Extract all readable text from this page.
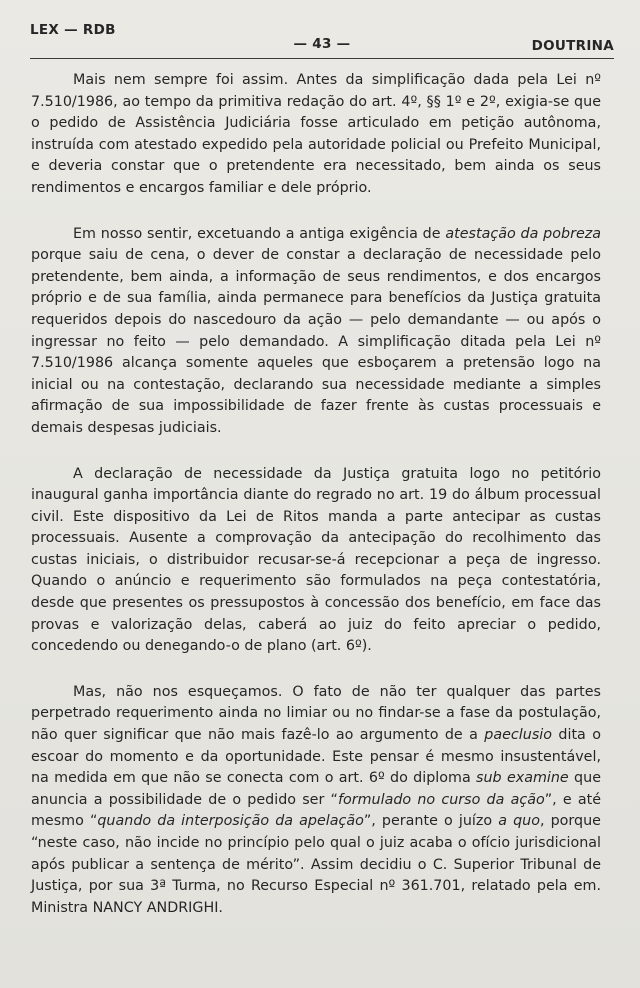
LEX — RDB
— 43 —	DOUTRINA

Mais nem sempre foi assim. Antes da simplificação dada pela Lei nº 7.510/1986, ao tempo da primitiva redação do art. 4º, §§ 1º e 2º, exigia-se que o pedido de Assistência Judiciária fosse articulado em petição autônoma, instruída com atestado expedido pela autoridade policial ou Prefeito Municipal, e deveria constar que o pretendente era necessitado, bem ainda os seus rendimentos e encargos familiar e dele próprio.

Em nosso sentir, excetuando a antiga exigência de atestação da pobreza porque saiu de cena, o dever de constar a declaração de necessidade pelo pretendente, bem ainda, a informação de seus rendimentos, e dos encargos próprio e de sua família, ainda permanece para benefícios da Justiça gratuita requeridos depois do nascedouro da ação — pelo demandante — ou após o ingressar no feito — pelo demandado. A simplificação ditada pela Lei nº 7.510/1986 alcança somente aqueles que esboçarem a pretensão logo na inicial ou na contestação, declarando sua necessidade mediante a simples afirmação de sua impossibilidade de fazer frente às custas processuais e demais despesas judiciais.

A declaração de necessidade da Justiça gratuita logo no petitório inaugural ganha importância diante do regrado no art. 19 do álbum processual civil. Este dispositivo da Lei de Ritos manda a parte antecipar as custas processuais. Ausente a comprovação da antecipação do recolhimento das custas iniciais, o distribuidor recusar-se-á recepcionar a peça de ingresso. Quando o anúncio e requerimento são formulados na peça contestatória, desde que presentes os pressupostos à concessão dos benefício, em face das provas e valorização delas, caberá ao juiz do feito apreciar o pedido, concedendo ou denegando-o de plano (art. 6º).

Mas, não nos esqueçamos. O fato de não ter qualquer das partes perpetrado requerimento ainda no limiar ou no findar-se a fase da postulação, não quer significar que não mais fazê-lo ao argumento de a paeclusio dita o escoar do momento e da oportunidade. Este pensar é mesmo insustentável, na medida em que não se conecta com o art. 6º do diploma sub examine que anuncia a possibilidade de o pedido ser “formulado no curso da ação”, e até mesmo “quando da interposição da apelação”, perante o juízo a quo, porque “neste caso, não incide no princípio pelo qual o juiz acaba o ofício jurisdicional após publicar a sentença de mérito”. Assim decidiu o C. Superior Tribunal de Justiça, por sua 3ª Turma, no Recurso Especial nº 361.701, relatado pela em. Ministra NANCY ANDRIGHI.
